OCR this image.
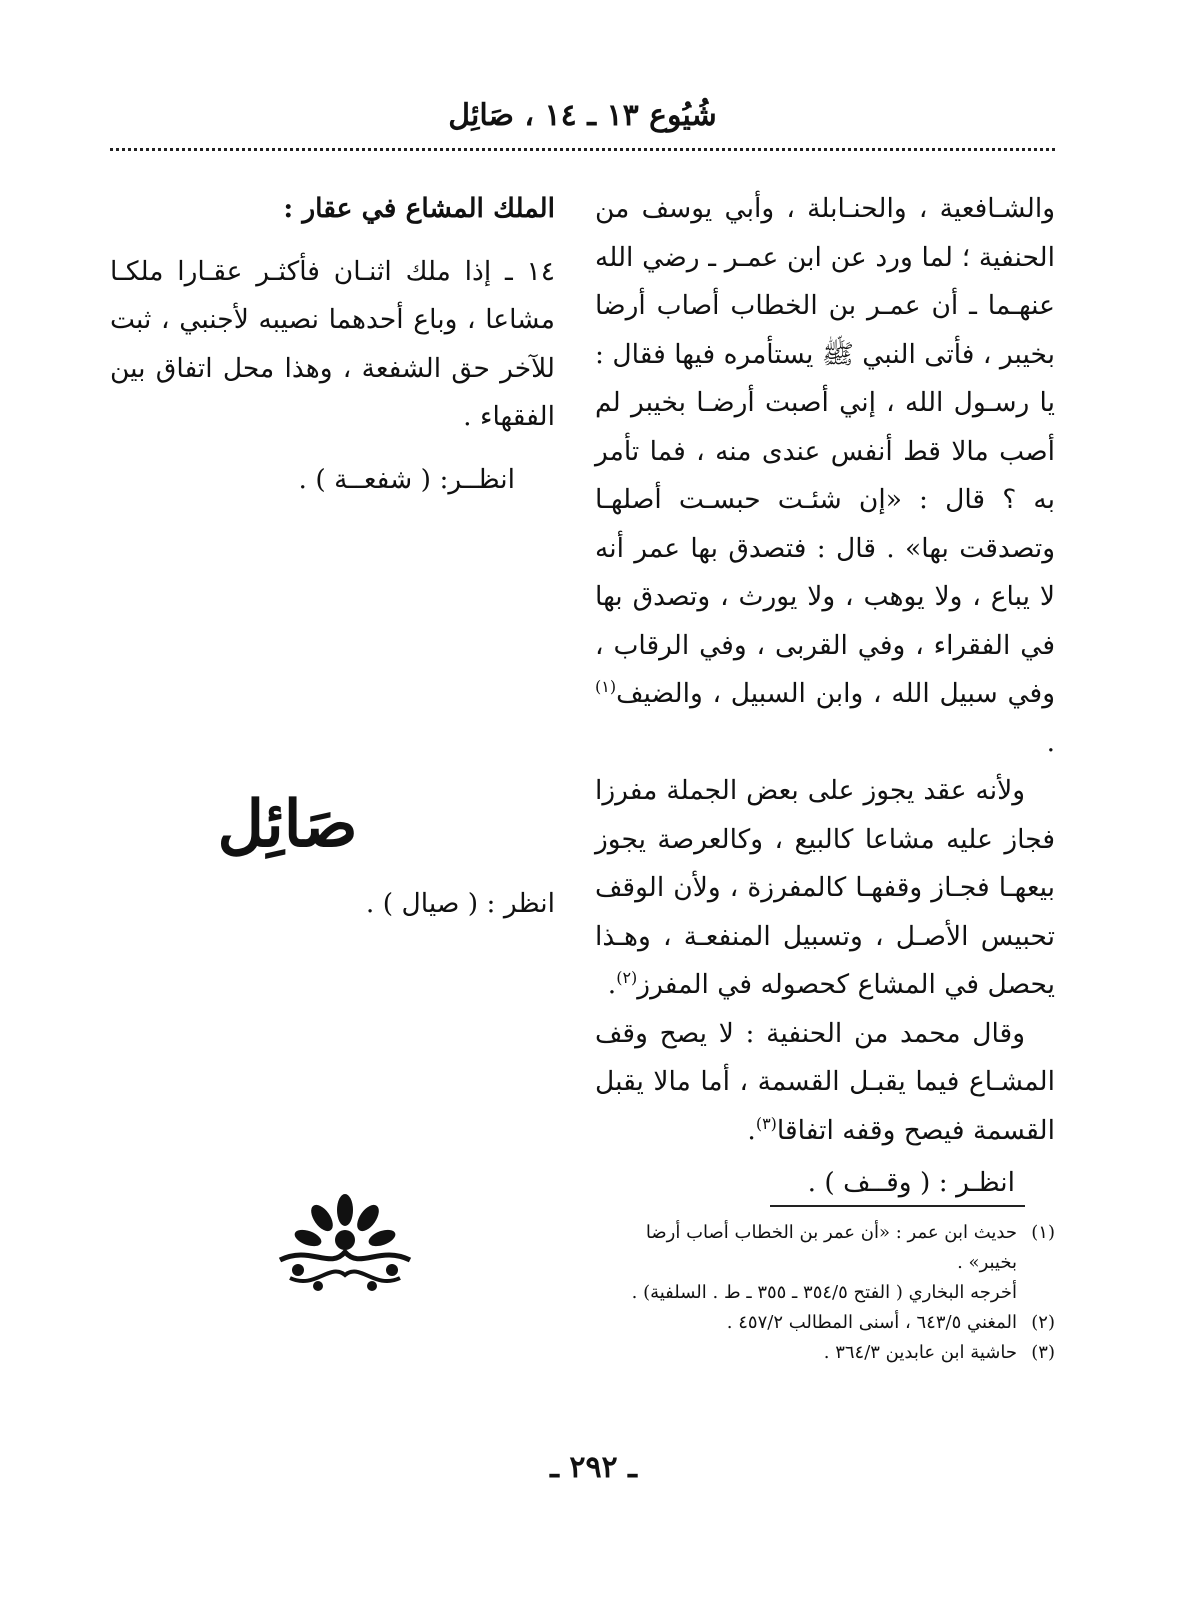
شُيُوع ١٣ ـ ١٤ ، صَائِل

والشـافعية ، والحنـابلة ، وأبي يوسف من الحنفية ؛ لما ورد عن ابن عمـر ـ رضي الله عنهـما ـ أن عمـر بن الخطاب أصاب أرضا بخيبر ، فأتى النبي ﷺ يستأمره فيها فقال : يا رسـول الله ، إني أصبت أرضـا بخيبر لم أصب مالا قط أنفس عندى منه ، فما تأمر به ؟ قال : «إن شئـت حبسـت أصلهـا وتصدقت بها» . قال : فتصدق بها عمر أنه لا يباع ، ولا يوهب ، ولا يورث ، وتصدق بها في الفقراء ، وفي القربى ، وفي الرقاب ، وفي سبيل الله ، وابن السبيل ، والضيف$^{(١)}$ .

ولأنه عقد يجوز على بعض الجملة مفرزا فجاز عليه مشاعا كالبيع ، وكالعرصة يجوز بيعهـا فجـاز وقفهـا كالمفرزة ، ولأن الوقف تحبيس الأصـل ، وتسبيل المنفعـة ، وهـذا يحصل في المشاع كحصوله في المفرز$^{(٢)}$.

وقال محمد من الحنفية : لا يصح وقف المشـاع فيما يقبـل القسمة ، أما مالا يقبل القسمة فيصح وقفه اتفاقا$^{(٣)}$.

انظـر : ( وقــف ) .

الملك المشاع في عقار :

١٤ ـ إذا ملك اثنـان فأكثـر عقـارا ملكـا مشاعا ، وباع أحدهما نصيبه لأجنبي ، ثبت للآخر حق الشفعة ، وهذا محل اتفاق بين الفقهاء .

انظــر: ( شفعــة ) .
صَائِل
انظر : ( صيال ) .

(١)حديث ابن عمر : «أن عمر بن الخطاب أصاب أرضا بخيبر» .

أخرجه البخاري ( الفتح ٣٥٤/٥ ـ ٣٥٥ ـ ط . السلفية) .

(٢)المغني ٦٤٣/٥ ، أسنى المطالب ٤٥٧/٢ .

(٣)حاشية ابن عابدين ٣٦٤/٣ .

ـ ٢٩٢ ـ
